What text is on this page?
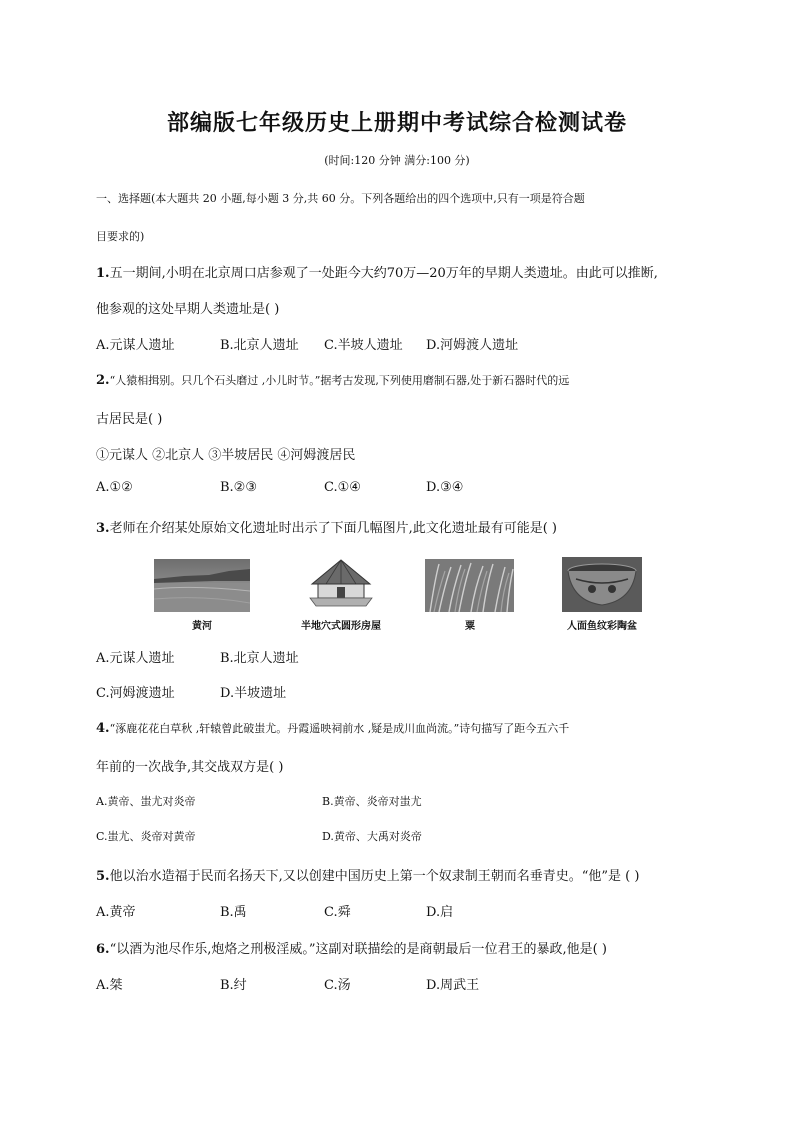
部编版七年级历史上册期中考试综合检测试卷
(时间:120 分钟 满分:100 分)
一、选择题(本大题共 20 小题,每小题 3 分,共 60 分。下列各题给出的四个选项中,只有一项是符合题
目要求的)
1.五一期间,小明在北京周口店参观了一处距今大约70万—20万年的早期人类遗址。由此可以推断,
他参观的这处早期人类遗址是( )
A.元谋人遗址	B.北京人遗址 C.半坡人遗址 D.河姆渡人遗址
2.“人猿相揖别。只几个石头磨过 ,小儿时节。”据考古发现,下列使用磨制石器,处于新石器时代的远
古居民是( )
①元谋人 ②北京人 ③半坡居民 ④河姆渡居民
A.①②	B.②③	C.①④	D.③④
3.老师在介绍某处原始文化遗址时出示了下面几幅图片,此文化遗址最有可能是( )
黄河	半地穴式圆形房屋	粟	人面鱼纹彩陶盆
A.元谋人遗址	B.北京人遗址
C.河姆渡遗址	D.半坡遗址
4.“涿鹿花花白草秋 ,轩辕曾此破蚩尤。丹霞遥映祠前水 ,疑是成川血尚流。”诗句描写了距今五六千
年前的一次战争,其交战双方是( )
A.黄帝、蚩尤对炎帝	B.黄帝、炎帝对蚩尤
C.蚩尤、炎帝对黄帝	D.黄帝、大禹对炎帝
5.他以治水造福于民而名扬天下,又以创建中国历史上第一个奴隶制王朝而名垂青史。“他”是 ( )
A.黄帝	B.禹	C.舜	D.启
6.“以酒为池尽作乐,炮烙之刑极淫威。”这副对联描绘的是商朝最后一位君王的暴政,他是( )
A.桀	B.纣	C.汤	D.周武王
